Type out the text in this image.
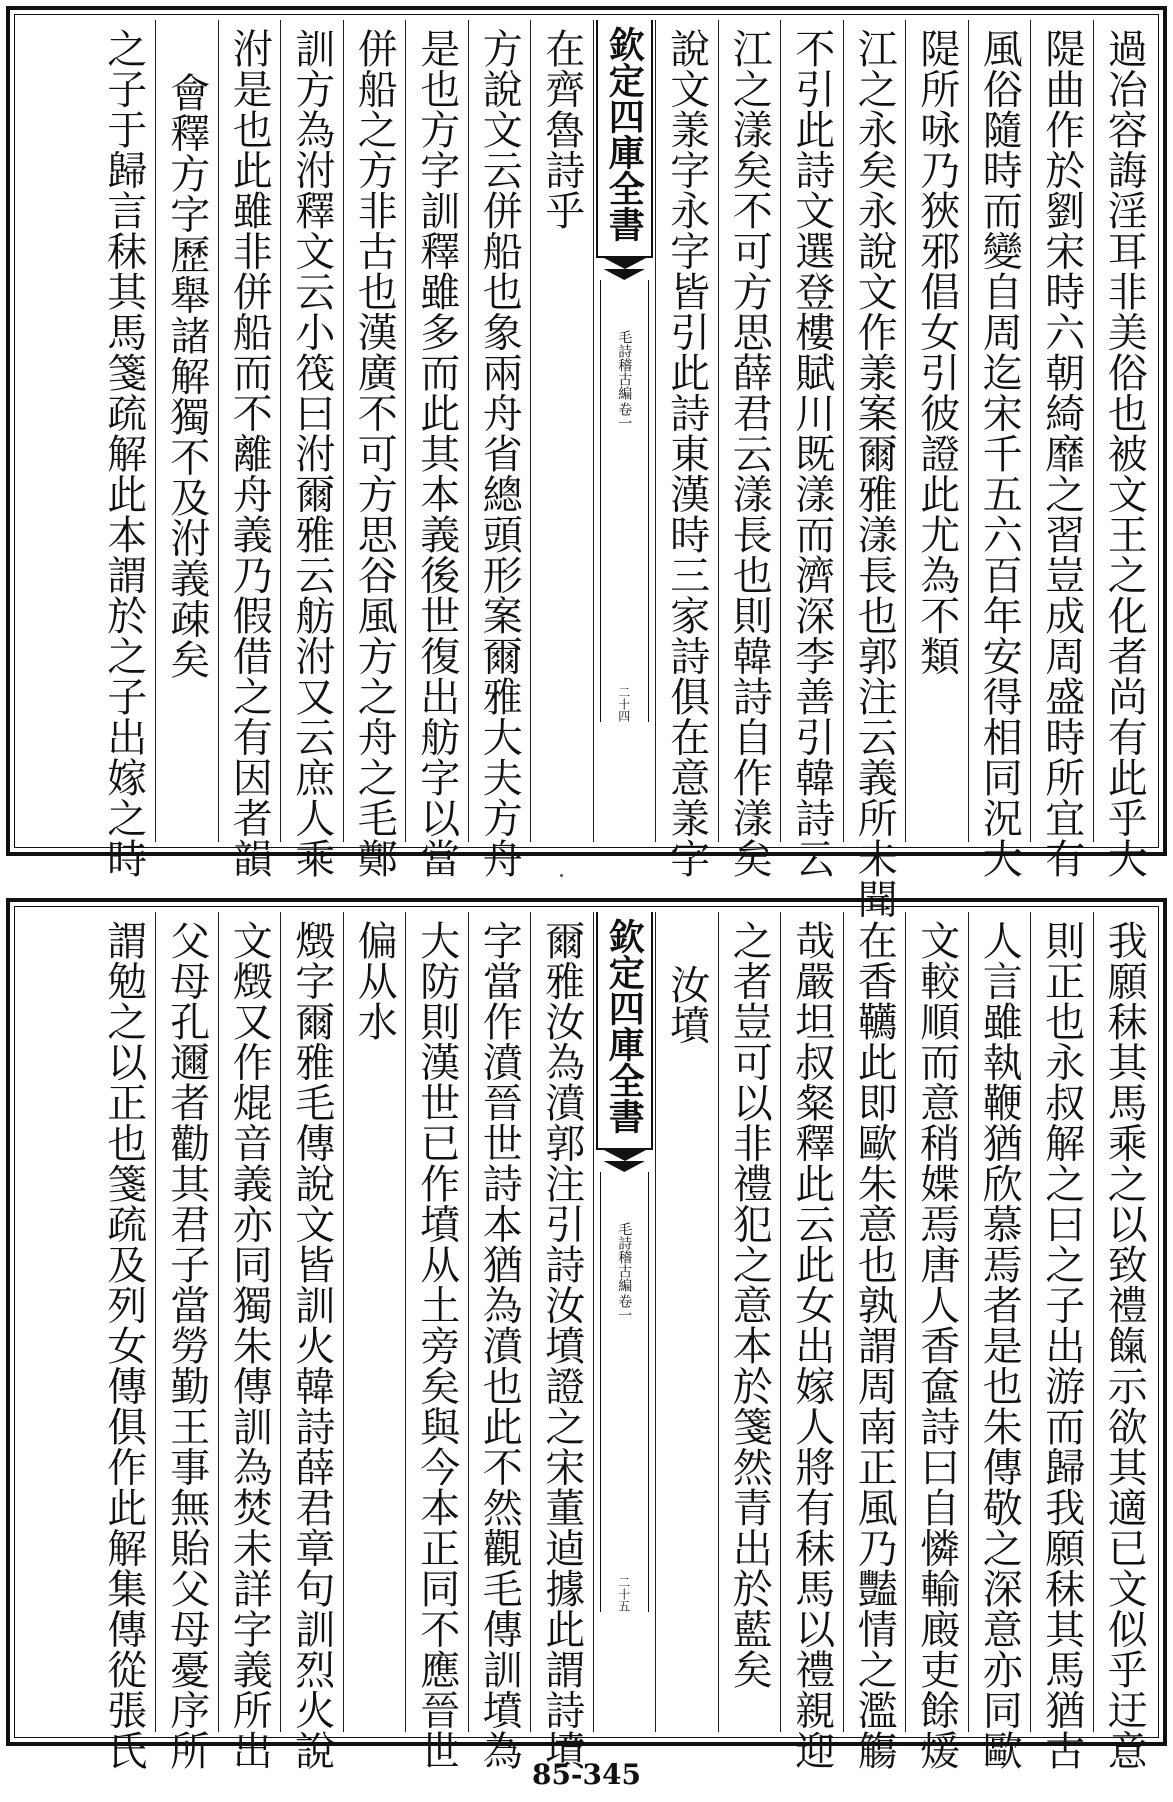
過冶容誨淫耳非美俗也被文王之化者尚有此乎大
隄曲作於劉宋時六朝綺靡之習豈成周盛時所宜有
風俗隨時而變自周迄宋千五六百年安得相同況大
隄所咏乃狹邪倡女引彼證此尤為不類
江之永矣永說文作羕案爾雅漾長也郭注云義所未聞
不引此詩文選登樓賦川既漾而濟深李善引韓詩云
江之漾矣不可方思薛君云漾長也則韓詩自作漾矣
說文羕字永字皆引此詩東漢時三家詩俱在意羕字
欽定四庫全書
毛詩稽古編
卷一
二十四
在齊魯詩乎
方說文云併船也象兩舟省總頭形案爾雅大夫方舟
是也方字訓釋雖多而此其本義後世復出舫字以當
併船之方非古也漢廣不可方思谷風方之舟之毛鄭
訓方為泭釋文云小筏曰泭爾雅云舫泭又云庶人乘
泭是也此雖非併船而不離舟義乃假借之有因者韻
會釋方字歷舉諸解獨不及泭義疎矣
之子于歸言秣其馬箋疏解此本謂於之子出嫁之時
我願秣其馬乘之以致禮餼示欲其適已文似乎迂意
則正也永叔解之曰之子出游而歸我願秣其馬猶古
人言雖執鞭猶欣慕焉者是也朱傳敬之深意亦同歐
文較順而意稍媟焉唐人香奩詩曰自憐輸廄吏餘煖
在香韉此即歐朱意也孰謂周南正風乃豔情之濫觴
哉嚴坦叔粲釋此云此女出嫁人將有秣馬以禮親迎
之者豈可以非禮犯之意本於箋然青出於藍矣
汝墳
欽定四庫全書
毛詩稽古編
卷一
二十五
爾雅汝為濆郭注引詩汝墳證之宋董逌據此謂詩墳
字當作濆晉世詩本猶為濆也此不然觀毛傳訓墳為
大防則漢世已作墳从土旁矣與今本正同不應晉世
偏从水
燬字爾雅毛傳說文皆訓火韓詩薛君章句訓烈火說
文燬又作焜音義亦同獨朱傳訓為焚未詳字義所出
父母孔邇者勸其君子當勞勤王事無貽父母憂序所
謂勉之以正也箋疏及列女傳俱作此解集傳從張氏
85-345
